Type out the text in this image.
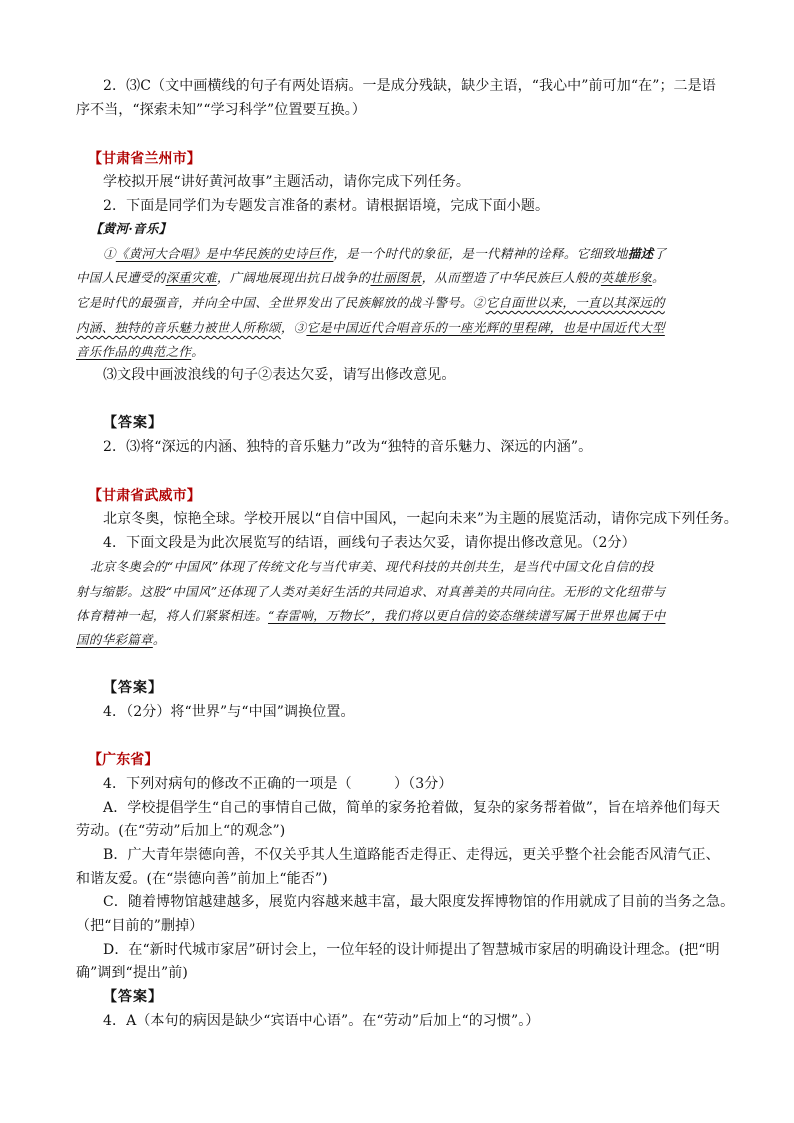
2．⑶C（文中画横线的句子有两处语病。一是成分残缺，缺少主语，“我心中”前可加“在”；二是语
序不当，“探索未知”“学习科学”位置要互换。）
【甘肃省兰州市】
学校拟开展“讲好黄河故事”主题活动，请你完成下列任务。
2．下面是同学们为专题发言准备的素材。请根据语境，完成下面小题。
【黄河·音乐】
①《黄河大合唱》是中华民族的史诗巨作，是一个时代的象征，是一代精神的诠释。它细致地描述了
中国人民遭受的深重灾难，广阔地展现出抗日战争的壮丽图景，从而塑造了中华民族巨人般的英雄形象。
它是时代的最强音，并向全中国、全世界发出了民族解放的战斗警号。②它自面世以来，一直以其深远的
内涵、独特的音乐魅力被世人所称颂，③它是中国近代合唱音乐的一座光辉的里程碑，也是中国近代大型
音乐作品的典范之作。
⑶文段中画波浪线的句子②表达欠妥，请写出修改意见。
【答案】
2．⑶将“深远的内涵、独特的音乐魅力”改为“独特的音乐魅力、深远的内涵”。
【甘肃省武威市】
北京冬奥，惊艳全球。学校开展以“自信中国风，一起向未来”为主题的展览活动，请你完成下列任务。
4．下面文段是为此次展览写的结语，画线句子表达欠妥，请你提出修改意见。（2分）
北京冬奥会的“中国风”体现了传统文化与当代审美、现代科技的共创共生，是当代中国文化自信的投
射与缩影。这股“中国风”还体现了人类对美好生活的共同追求、对真善美的共同向往。无形的文化纽带与
体育精神一起，将人们紧紧相连。“春雷响，万物长”，我们将以更自信的姿态继续谱写属于世界也属于中
国的华彩篇章。
【答案】
4．（2分）将“世界”与“中国”调换位置。
【广东省】
4．下列对病句的修改不正确的一项是（　　　）（3分）
A．学校提倡学生“自己的事情自己做，简单的家务抢着做，复杂的家务帮着做”，旨在培养他们每天
劳动。(在“劳动”后加上“的观念”)
B．广大青年崇德向善，不仅关乎其人生道路能否走得正、走得远，更关乎整个社会能否风清气正、
和谐友爱。(在“崇德向善”前加上“能否”)
C．随着博物馆越建越多，展览内容越来越丰富，最大限度发挥博物馆的作用就成了目前的当务之急。
（把“目前的”删掉）
D．在“新时代城市家居”研讨会上，一位年轻的设计师提出了智慧城市家居的明确设计理念。(把“明
确”调到“提出”前)
【答案】
4．A（本句的病因是缺少“宾语中心语”。在“劳动”后加上“的习惯”。）
